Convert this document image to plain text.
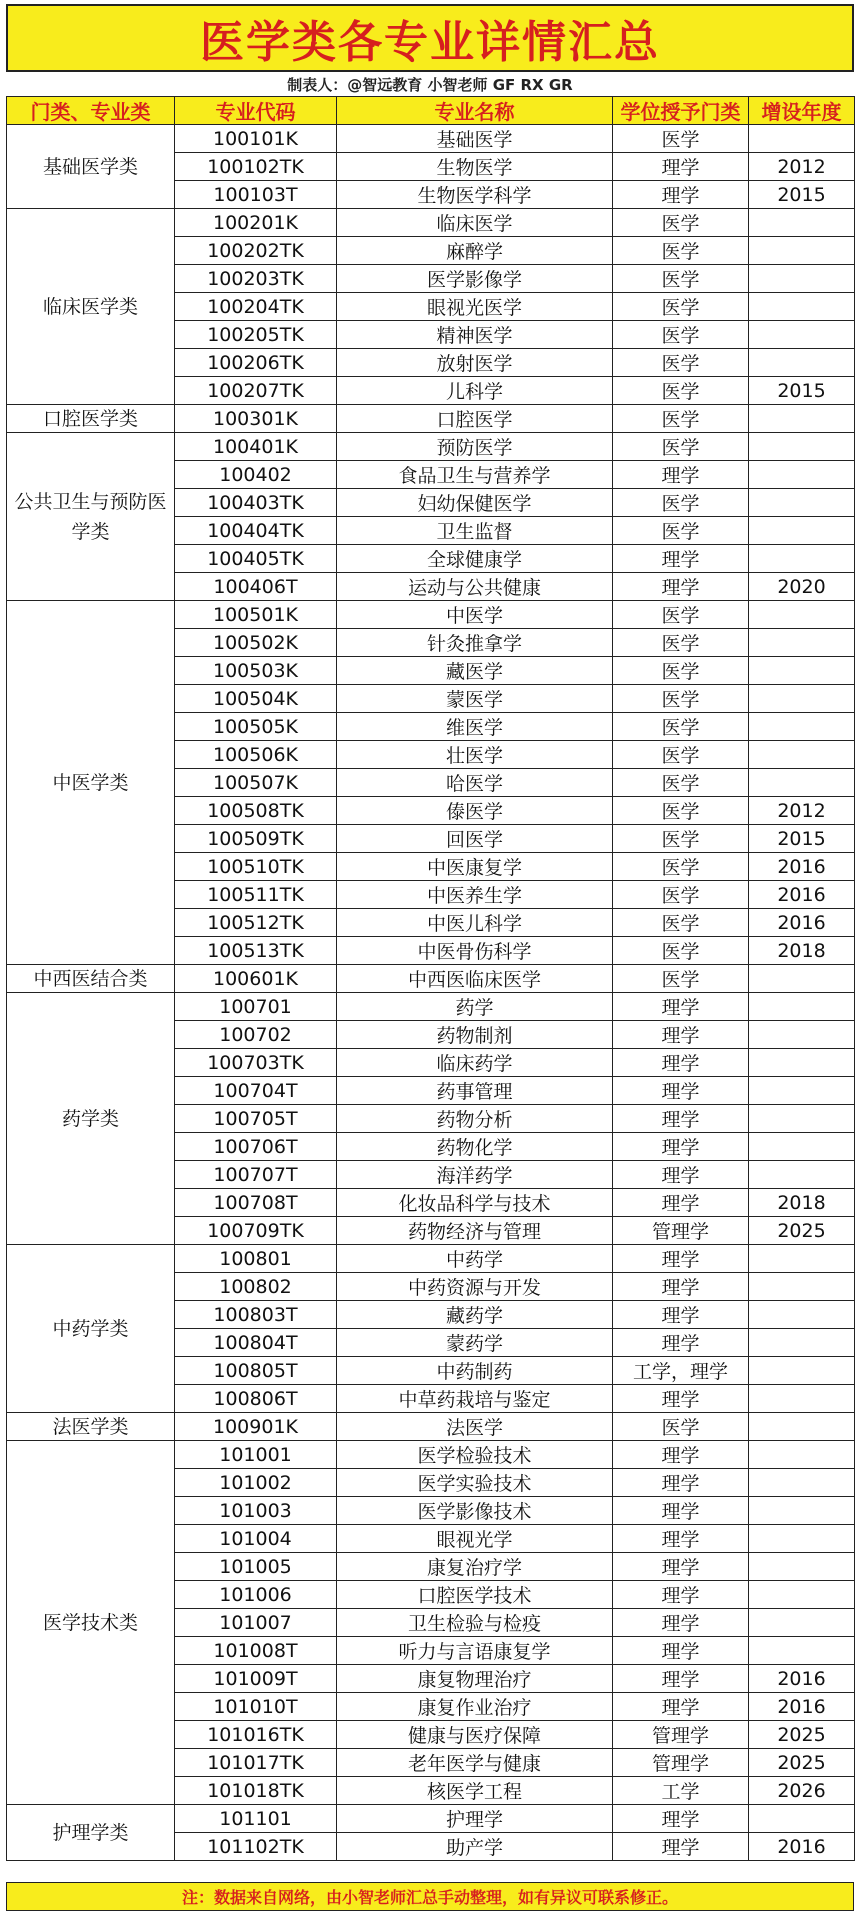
医学类各专业详情汇总
制表人：@智远教育 小智老师 GF RX GR
门类、专业类	专业代码	专业名称	学位授予门类	增设年度
基础医学类
100101K	基础医学	医学
100102TK	生物医学	理学	2012
100103T	生物医学科学	理学	2015
临床医学类
100201K	临床医学	医学
100202TK	麻醉学	医学
100203TK	医学影像学	医学
100204TK	眼视光医学	医学
100205TK	精神医学	医学
100206TK	放射医学	医学
100207TK	儿科学	医学	2015
口腔医学类	100301K	口腔医学	医学
公共卫生与预防医学类
100401K	预防医学	医学
100402	食品卫生与营养学	理学
100403TK	妇幼保健医学	医学
100404TK	卫生监督	医学
100405TK	全球健康学	理学
100406T	运动与公共健康	理学	2020
中医学类
100501K	中医学	医学
100502K	针灸推拿学	医学
100503K	藏医学	医学
100504K	蒙医学	医学
100505K	维医学	医学
100506K	壮医学	医学
100507K	哈医学	医学
100508TK	傣医学	医学	2012
100509TK	回医学	医学	2015
100510TK	中医康复学	医学	2016
100511TK	中医养生学	医学	2016
100512TK	中医儿科学	医学	2016
100513TK	中医骨伤科学	医学	2018
中西医结合类	100601K	中西医临床医学	医学
药学类
100701	药学	理学
100702	药物制剂	理学
100703TK	临床药学	理学
100704T	药事管理	理学
100705T	药物分析	理学
100706T	药物化学	理学
100707T	海洋药学	理学
100708T	化妆品科学与技术	理学	2018
100709TK	药物经济与管理	管理学	2025
中药学类
100801	中药学	理学
100802	中药资源与开发	理学
100803T	藏药学	理学
100804T	蒙药学	理学
100805T	中药制药	工学，理学
100806T	中草药栽培与鉴定	理学
法医学类	100901K	法医学	医学
医学技术类
101001	医学检验技术	理学
101002	医学实验技术	理学
101003	医学影像技术	理学
101004	眼视光学	理学
101005	康复治疗学	理学
101006	口腔医学技术	理学
101007	卫生检验与检疫	理学
101008T	听力与言语康复学	理学
101009T	康复物理治疗	理学	2016
101010T	康复作业治疗	理学	2016
101016TK	健康与医疗保障	管理学	2025
101017TK	老年医学与健康	管理学	2025
101018TK	核医学工程	工学	2026
护理学类
101101	护理学	理学
101102TK	助产学	理学	2016
注：数据来自网络，由小智老师汇总手动整理，如有异议可联系修正。
